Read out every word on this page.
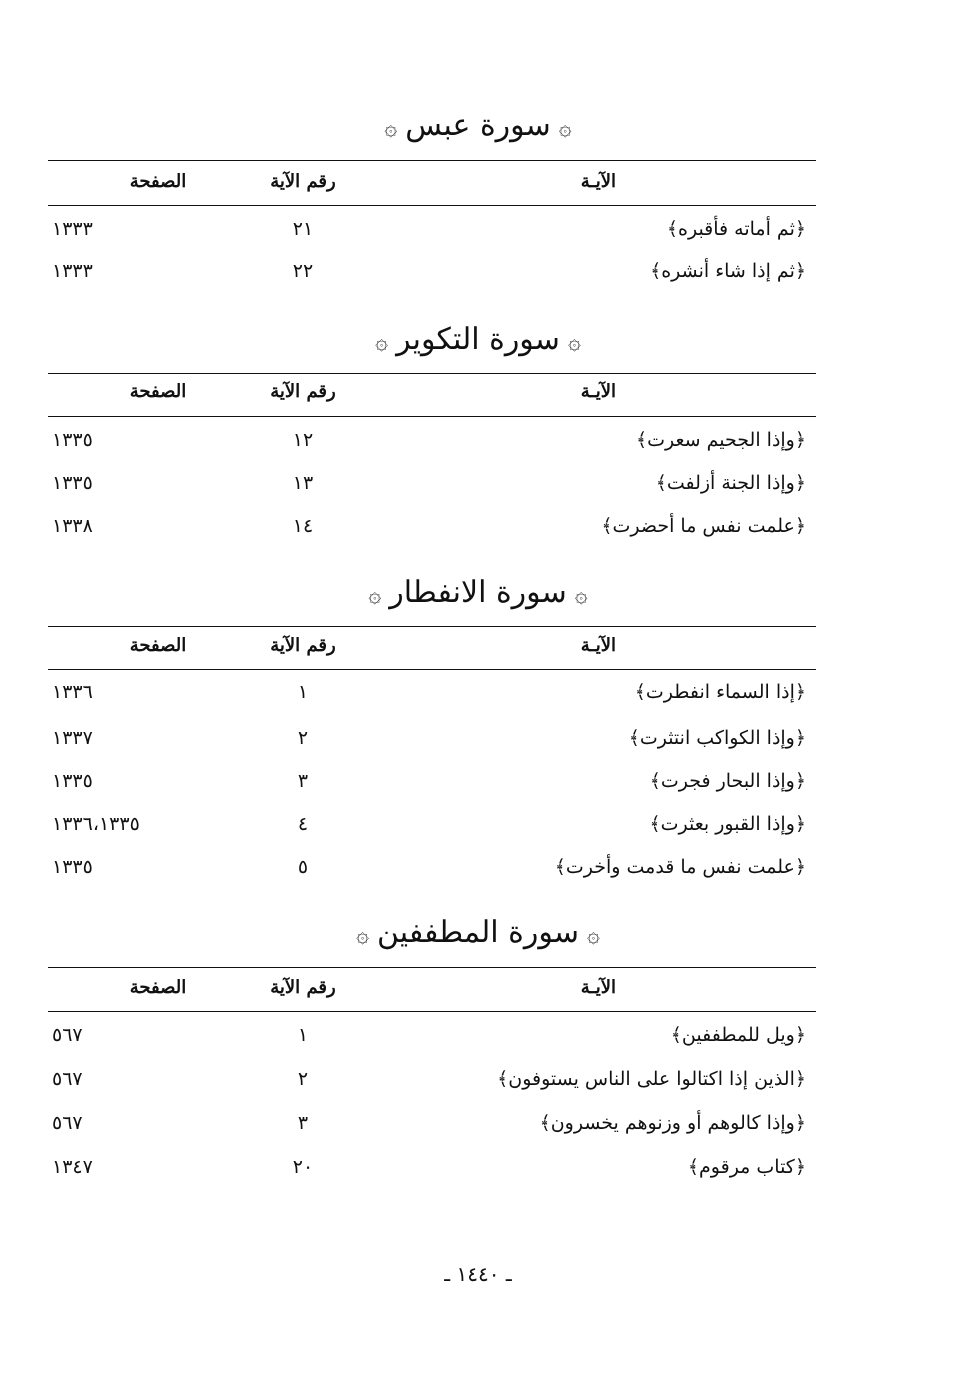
۞سورة عبس۞
الآيـة
رقم الآية
الصفحة
﴿ثم أماته فأقبره﴾
٢١
١٣٣٣
﴿ثم إذا شاء أنشره﴾
٢٢
١٣٣٣
۞سورة التكوير۞
الآيـة
رقم الآية
الصفحة
﴿وإذا الجحيم سعرت﴾
١٢
١٣٣٥
﴿وإذا الجنة أزلفت﴾
١٣
١٣٣٥
﴿علمت نفس ما أحضرت﴾
١٤
١٣٣٨
۞سورة الانفطار۞
الآيـة
رقم الآية
الصفحة
﴿إذا السماء انفطرت﴾
١
١٣٣٦
﴿وإذا الكواكب انتثرت﴾
٢
١٣٣٧
﴿وإذا البحار فجرت﴾
٣
١٣٣٥
﴿وإذا القبور بعثرت﴾
٤
١٣٣٦،١٣٣٥
﴿علمت نفس ما قدمت وأخرت﴾
٥
١٣٣٥
۞سورة المطففين۞
الآيـة
رقم الآية
الصفحة
﴿ويل للمطففين﴾
١
٥٦٧
﴿الذين إذا اكتالوا على الناس يستوفون﴾
٢
٥٦٧
﴿وإذا كالوهم أو وزنوهم يخسرون﴾
٣
٥٦٧
﴿كتاب مرقوم﴾
٢٠
١٣٤٧
ـ ١٤٤٠ ـ
